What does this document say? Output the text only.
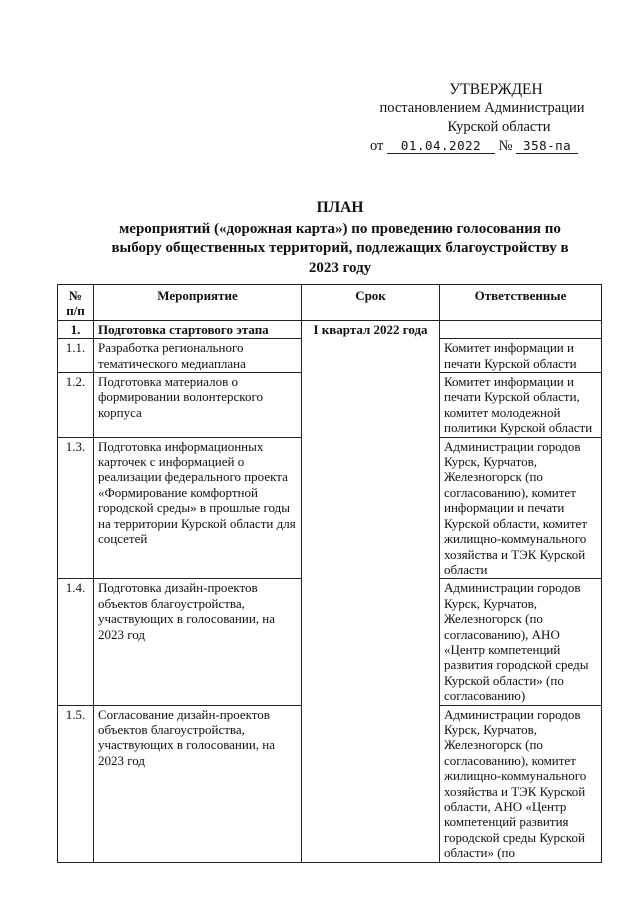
УТВЕРЖДЕН
постановлением Администрации
Курской области
от 01.04.2022 № 358-па
ПЛАН
мероприятий («дорожная карта») по проведению голосования по
выбору общественных территорий, подлежащих благоустройству в
2023 году
№ п/п	Мероприятие	Срок	Ответственные
1.	Подготовка стартового этапа	I квартал 2022 года	
1.1.	Разработка регионального тематического медиаплана		Комитет информации и печати Курской области
1.2.	Подготовка материалов о формировании волонтерского корпуса		Комитет информации и печати Курской области, комитет молодежной политики Курской области
1.3.	Подготовка информационных карточек с информацией о реализации федерального проекта «Формирование комфортной городской среды» в прошлые годы на территории Курской области для соцсетей		Администрации городов Курск, Курчатов, Железногорск (по согласованию), комитет информации и печати Курской области, комитет жилищно-коммунального хозяйства и ТЭК Курской области
1.4.	Подготовка дизайн-проектов объектов благоустройства, участвующих в голосовании, на 2023 год		Администрации городов Курск, Курчатов, Железногорск (по согласованию), АНО «Центр компетенций развития городской среды Курской области» (по согласованию)
1.5.	Согласование дизайн-проектов объектов благоустройства, участвующих в голосовании, на 2023 год		Администрации городов Курск, Курчатов, Железногорск (по согласованию), комитет жилищно-коммунального хозяйства и ТЭК Курской области, АНО «Центр компетенций развития городской среды Курской области» (по
